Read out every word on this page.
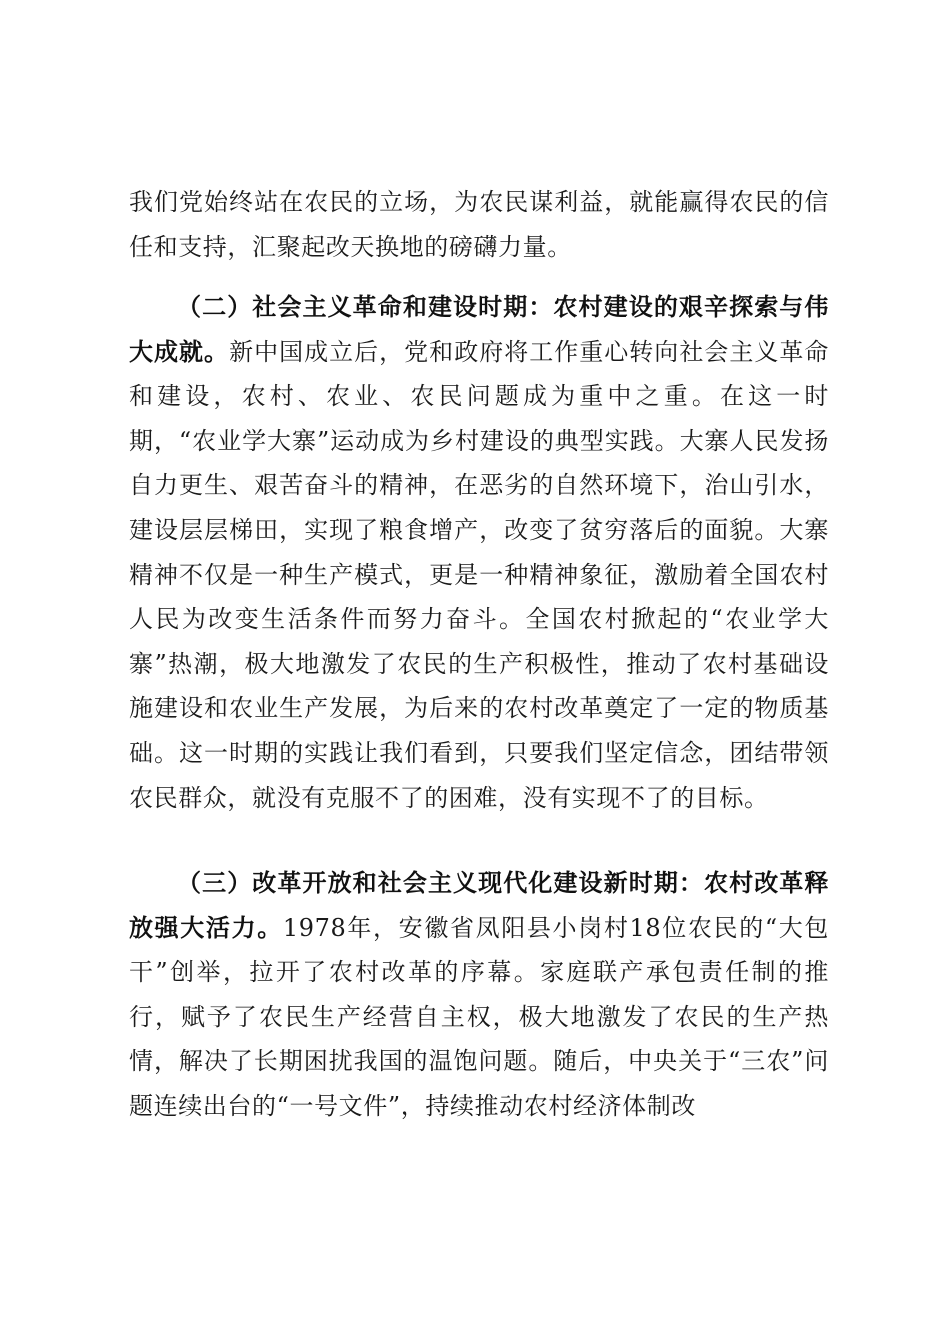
我们党始终站在农民的立场，为农民谋利益，就能赢得农民的信任和支持，汇聚起改天换地的磅礴力量。

（二）社会主义革命和建设时期：农村建设的艰辛探索与伟大成就。新中国成立后，党和政府将工作重心转向社会主义革命和建设，农村、农业、农民问题成为重中之重。在这一时期，“农业学大寨”运动成为乡村建设的典型实践。大寨人民发扬自力更生、艰苦奋斗的精神，在恶劣的自然环境下，治山引水，建设层层梯田，实现了粮食增产，改变了贫穷落后的面貌。大寨精神不仅是一种生产模式，更是一种精神象征，激励着全国农村人民为改变生活条件而努力奋斗。全国农村掀起的“农业学大寨”热潮，极大地激发了农民的生产积极性，推动了农村基础设施建设和农业生产发展，为后来的农村改革奠定了一定的物质基础。这一时期的实践让我们看到，只要我们坚定信念，团结带领农民群众，就没有克服不了的困难，没有实现不了的目标。

（三）改革开放和社会主义现代化建设新时期：农村改革释放强大活力。1978年，安徽省凤阳县小岗村18位农民的“大包干”创举，拉开了农村改革的序幕。家庭联产承包责任制的推行，赋予了农民生产经营自主权，极大地激发了农民的生产热情，解决了长期困扰我国的温饱问题。随后，中央关于“三农”问题连续出台的“一号文件”，持续推动农村经济体制改
